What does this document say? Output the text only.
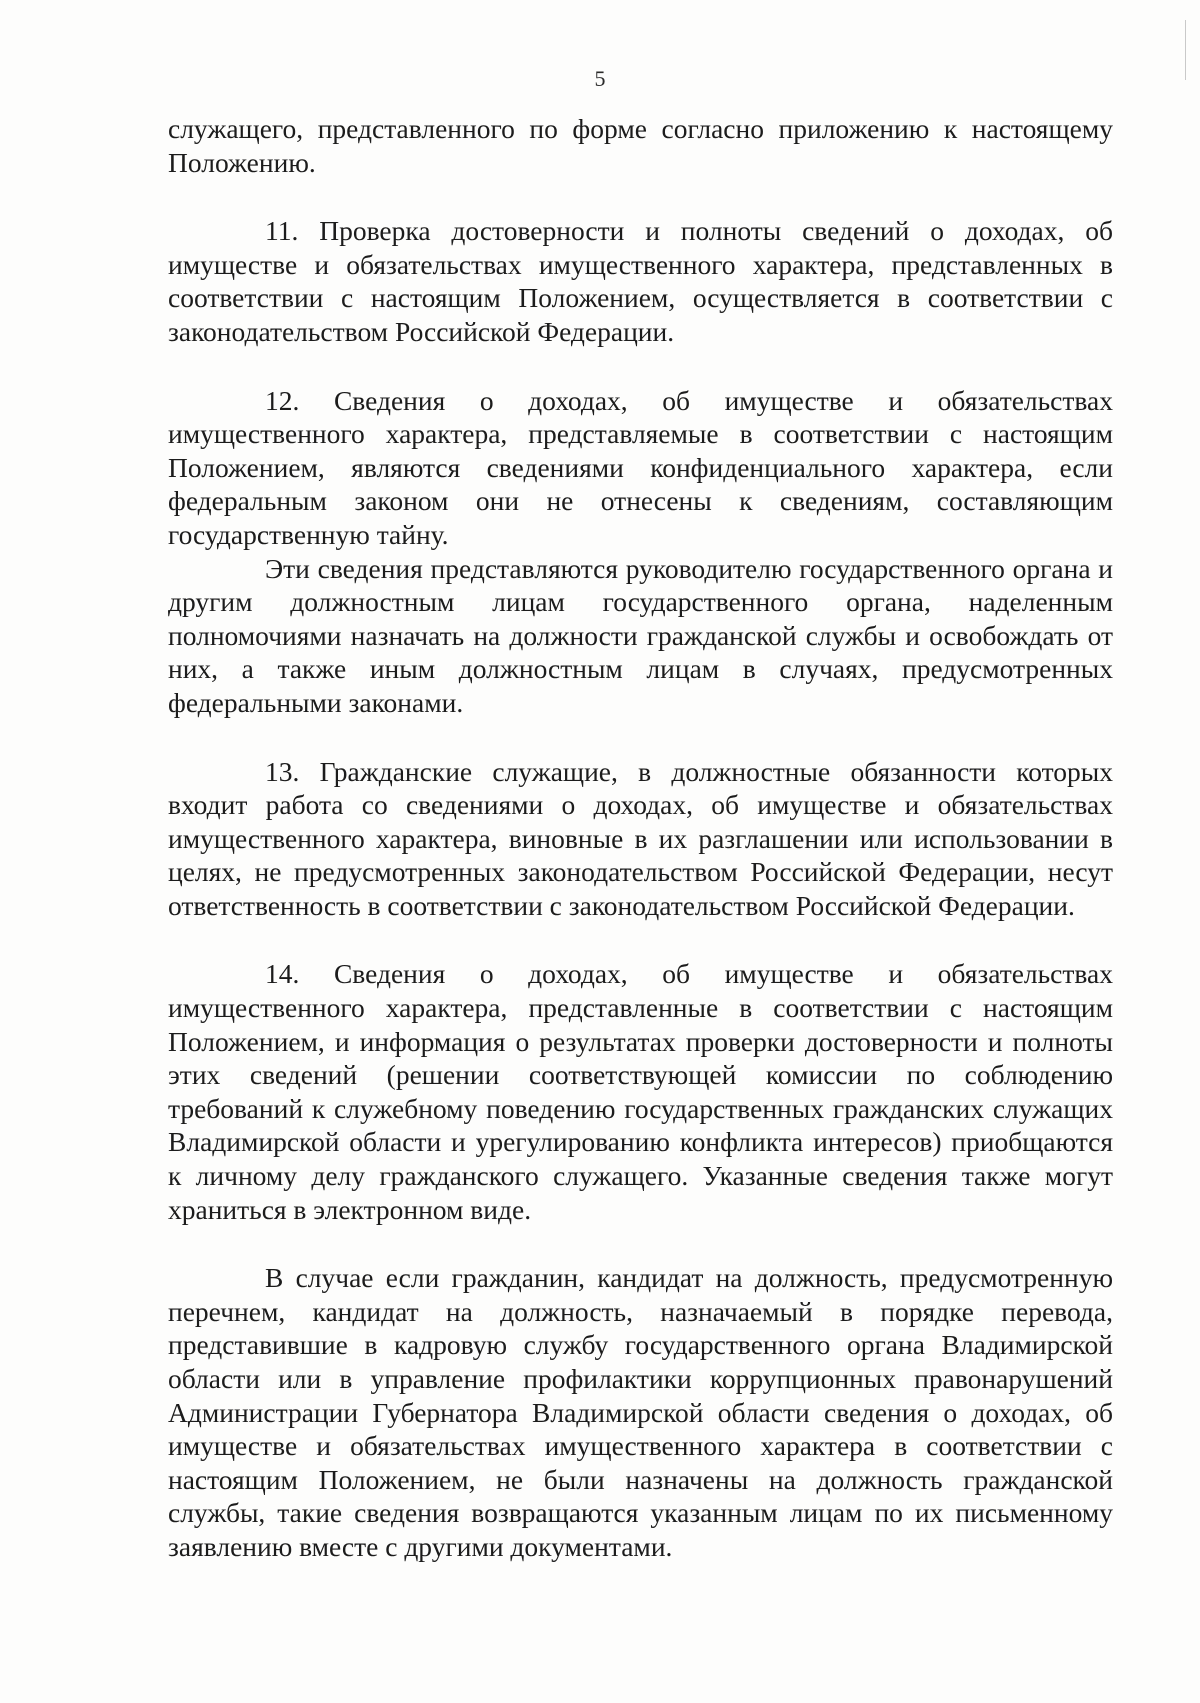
5

служащего, представленного по форме согласно приложению к настоящему Положению.

11. Проверка достоверности и полноты сведений о доходах, об имуществе и обязательствах имущественного характера, представленных в соответствии с настоящим Положением, осуществляется в соответствии с законодательством Российской Федерации.

12. Сведения о доходах, об имуществе и обязательствах имущественного характера, представляемые в соответствии с настоящим Положением, являются сведениями конфиденциального характера, если федеральным законом они не отнесены к сведениям, составляющим государственную тайну.

Эти сведения представляются руководителю государственного органа и другим должностным лицам государственного органа, наделенным полномочиями назначать на должности гражданской службы и освобождать от них, а также иным должностным лицам в случаях, предусмотренных федеральными законами.

13. Гражданские служащие, в должностные обязанности которых входит работа со сведениями о доходах, об имуществе и обязательствах имущественного характера, виновные в их разглашении или использовании в целях, не предусмотренных законодательством Российской Федерации, несут ответственность в соответствии с законодательством Российской Федерации.

14. Сведения о доходах, об имуществе и обязательствах имущественного характера, представленные в соответствии с настоящим Положением, и информация о результатах проверки достоверности и полноты этих сведений (решении соответствующей комиссии по соблюдению требований к служебному поведению государственных гражданских служащих Владимирской области и урегулированию конфликта интересов) приобщаются к личному делу гражданского служащего. Указанные сведения также могут храниться в электронном виде.

В случае если гражданин, кандидат на должность, предусмотренную перечнем, кандидат на должность, назначаемый в порядке перевода, представившие в кадровую службу государственного органа Владимирской области или в управление профилактики коррупционных правонарушений Администрации Губернатора Владимирской области сведения о доходах, об имуществе и обязательствах имущественного характера в соответствии с настоящим Положением, не были назначены на должность гражданской службы, такие сведения возвращаются указанным лицам по их письменному заявлению вместе с другими документами.
